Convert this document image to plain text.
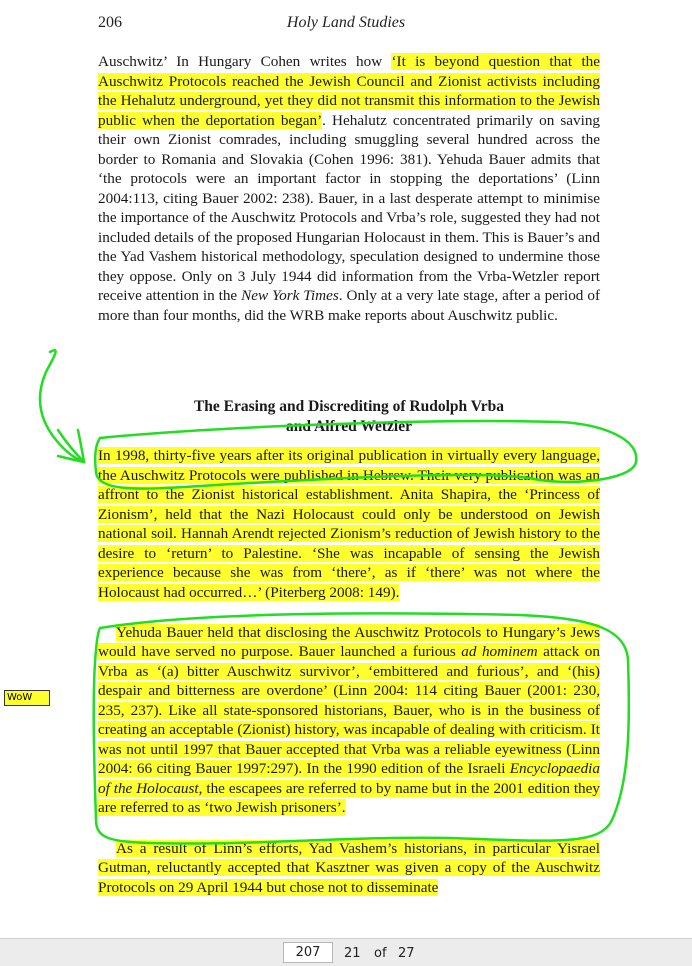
206	Holy Land Studies

Auschwitz’ In Hungary Cohen writes how ‘It is beyond question that the Auschwitz Protocols reached the Jewish Council and Zionist activists including the Hehalutz underground, yet they did not transmit this information to the Jewish public when the deportation began’. Hehalutz concentrated primarily on saving their own Zionist comrades, including smuggling several hundred across the border to Romania and Slovakia (Cohen 1996: 381). Yehuda Bauer admits that ‘the protocols were an important factor in stopping the deportations’ (Linn 2004:113, citing Bauer 2002: 238). Bauer, in a last desperate attempt to minimise the importance of the Auschwitz Protocols and Vrba’s role, suggested they had not included details of the proposed Hungarian Holocaust in them. This is Bauer’s and the Yad Vashem historical methodology, speculation designed to undermine those they oppose. Only on 3 July 1944 did information from the Vrba-Wetzler report receive attention in the New York Times. Only at a very late stage, after a period of more than four months, did the WRB make reports about Auschwitz public.

The Erasing and Discrediting of Rudolph Vrba
and Alfred Wetzler

In 1998, thirty-five years after its original publication in virtually every language, the Auschwitz Protocols were published in Hebrew. Their very publication was an affront to the Zionist historical establishment. Anita Shapira, the ‘Princess of Zionism’, held that the Nazi Holocaust could only be understood on Jewish national soil. Hannah Arendt rejected Zionism’s reduction of Jewish history to the desire to ‘return’ to Palestine. ‘She was incapable of sensing the Jewish experience because she was from ‘there’, as if ‘there’ was not where the Holocaust had occurred…’ (Piterberg 2008: 149).

Yehuda Bauer held that disclosing the Auschwitz Protocols to Hungary’s Jews would have served no purpose. Bauer launched a furious ad hominem attack on Vrba as ‘(a) bitter Auschwitz survivor’, ‘embittered and furious’, and ‘(his) despair and bitterness are overdone’ (Linn 2004: 114 citing Bauer (2001: 230, 235, 237). Like all state-sponsored historians, Bauer, who is in the business of creating an acceptable (Zionist) history, was incapable of dealing with criticism. It was not until 1997 that Bauer accepted that Vrba was a reliable eyewitness (Linn 2004: 66 citing Bauer 1997:297). In the 1990 edition of the Israeli Encyclopaedia of the Holocaust, the escapees are referred to by name but in the 2001 edition they are referred to as ‘two Jewish prisoners’.

As a result of Linn’s efforts, Yad Vashem’s historians, in particular Yisrael Gutman, reluctantly accepted that Kasztner was given a copy of the Auschwitz Protocols on 29 April 1944 but chose not to disseminate

WoW
207
21 of 27
